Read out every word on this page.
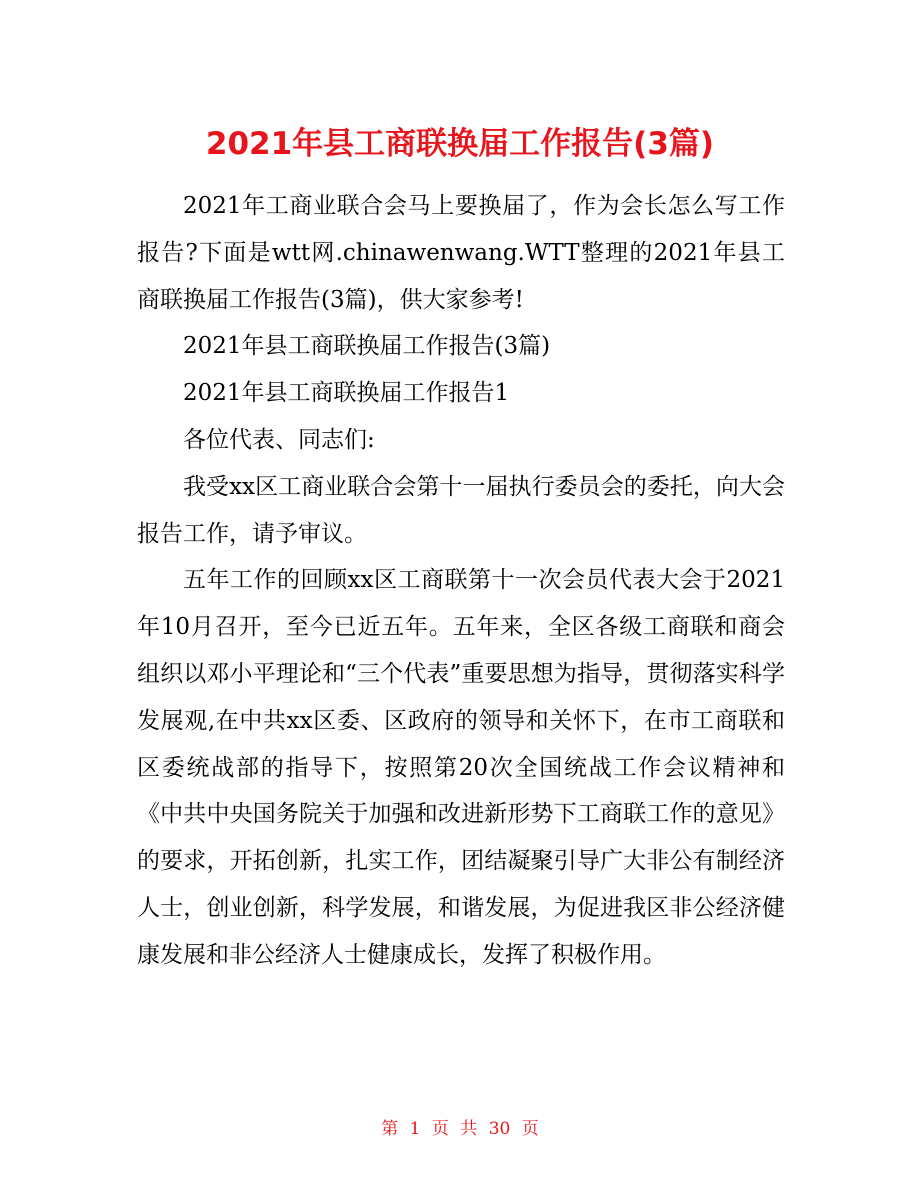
2021年县工商联换届工作报告(3篇)

2021年工商业联合会马上要换届了，作为会长怎么写工作报告?下面是wtt网.chinawenwang.WTT整理的2021年县工商联换届工作报告(3篇)，供大家参考!

2021年县工商联换届工作报告(3篇)

2021年县工商联换届工作报告1

各位代表、同志们:

我受xx区工商业联合会第十一届执行委员会的委托，向大会报告工作，请予审议。

五年工作的回顾xx区工商联第十一次会员代表大会于2021年10月召开，至今已近五年。五年来，全区各级工商联和商会组织以邓小平理论和“三个代表”重要思想为指导，贯彻落实科学发展观,在中共xx区委、区政府的领导和关怀下，在市工商联和区委统战部的指导下，按照第20次全国统战工作会议精神和《中共中央国务院关于加强和改进新形势下工商联工作的意见》的要求，开拓创新，扎实工作，团结凝聚引导广大非公有制经济人士，创业创新，科学发展，和谐发展，为促进我区非公经济健康发展和非公经济人士健康成长，发挥了积极作用。

第 1 页 共 30 页
